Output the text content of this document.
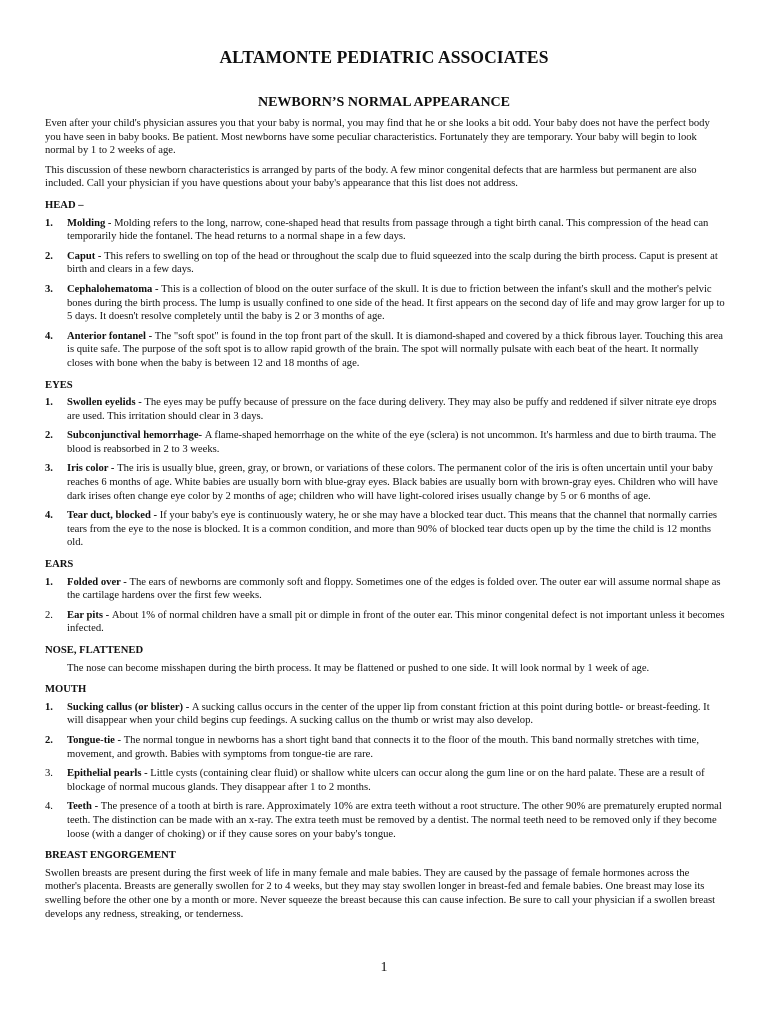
ALTAMONTE PEDIATRIC ASSOCIATES
NEWBORN’S NORMAL APPEARANCE

Even after your child's physician assures you that your baby is normal, you may find that he or she looks a bit odd. Your baby does not have the perfect body you have seen in baby books. Be patient. Most newborns have some peculiar characteristics. Fortunately they are temporary. Your baby will begin to look normal by 1 to 2 weeks of age.

This discussion of these newborn characteristics is arranged by parts of the body. A few minor congenital defects that are harmless but permanent are also included. Call your physician if you have questions about your baby's appearance that this list does not address.

HEAD –
1. Molding - Molding refers to the long, narrow, cone-shaped head that results from passage through a tight birth canal. This compression of the head can temporarily hide the fontanel. The head returns to a normal shape in a few days.
2. Caput - This refers to swelling on top of the head or throughout the scalp due to fluid squeezed into the scalp during the birth process. Caput is present at birth and clears in a few days.
3. Cephalohematoma - This is a collection of blood on the outer surface of the skull. It is due to friction between the infant's skull and the mother's pelvic bones during the birth process. The lump is usually confined to one side of the head. It first appears on the second day of life and may grow larger for up to 5 days. It doesn't resolve completely until the baby is 2 or 3 months of age.
4. Anterior fontanel - The "soft spot" is found in the top front part of the skull. It is diamond-shaped and covered by a thick fibrous layer. Touching this area is quite safe. The purpose of the soft spot is to allow rapid growth of the brain. The spot will normally pulsate with each beat of the heart. It normally closes with bone when the baby is between 12 and 18 months of age.
EYES
1. Swollen eyelids - The eyes may be puffy because of pressure on the face during delivery. They may also be puffy and reddened if silver nitrate eye drops are used. This irritation should clear in 3 days.
2. Subconjunctival hemorrhage- A flame-shaped hemorrhage on the white of the eye (sclera) is not uncommon. It's harmless and due to birth trauma. The blood is reabsorbed in 2 to 3 weeks.
3. Iris color - The iris is usually blue, green, gray, or brown, or variations of these colors. The permanent color of the iris is often uncertain until your baby reaches 6 months of age. White babies are usually born with blue-gray eyes. Black babies are usually born with brown-gray eyes. Children who will have dark irises often change eye color by 2 months of age; children who will have light-colored irises usually change by 5 or 6 months of age.
4. Tear duct, blocked - If your baby's eye is continuously watery, he or she may have a blocked tear duct. This means that the channel that normally carries tears from the eye to the nose is blocked. It is a common condition, and more than 90% of blocked tear ducts open up by the time the child is 12 months old.
EARS
1. Folded over - The ears of newborns are commonly soft and floppy. Sometimes one of the edges is folded over. The outer ear will assume normal shape as the cartilage hardens over the first few weeks.
2. Ear pits - About 1% of normal children have a small pit or dimple in front of the outer ear. This minor congenital defect is not important unless it becomes infected.
NOSE, FLATTENED

The nose can become misshapen during the birth process. It may be flattened or pushed to one side. It will look normal by 1 week of age.

MOUTH
1. Sucking callus (or blister) - A sucking callus occurs in the center of the upper lip from constant friction at this point during bottle- or breast-feeding. It will disappear when your child begins cup feedings. A sucking callus on the thumb or wrist may also develop.
2. Tongue-tie - The normal tongue in newborns has a short tight band that connects it to the floor of the mouth. This band normally stretches with time, movement, and growth. Babies with symptoms from tongue-tie are rare.
3. Epithelial pearls - Little cysts (containing clear fluid) or shallow white ulcers can occur along the gum line or on the hard palate. These are a result of blockage of normal mucous glands. They disappear after 1 to 2 months.
4. Teeth - The presence of a tooth at birth is rare. Approximately 10% are extra teeth without a root structure. The other 90% are prematurely erupted normal teeth. The distinction can be made with an x-ray. The extra teeth must be removed by a dentist. The normal teeth need to be removed only if they become loose (with a danger of choking) or if they cause sores on your baby's tongue.
BREAST ENGORGEMENT

Swollen breasts are present during the first week of life in many female and male babies. They are caused by the passage of female hormones across the mother's placenta. Breasts are generally swollen for 2 to 4 weeks, but they may stay swollen longer in breast-fed and female babies. One breast may lose its swelling before the other one by a month or more. Never squeeze the breast because this can cause infection. Be sure to call your physician if a swollen breast develops any redness, streaking, or tenderness.

1
